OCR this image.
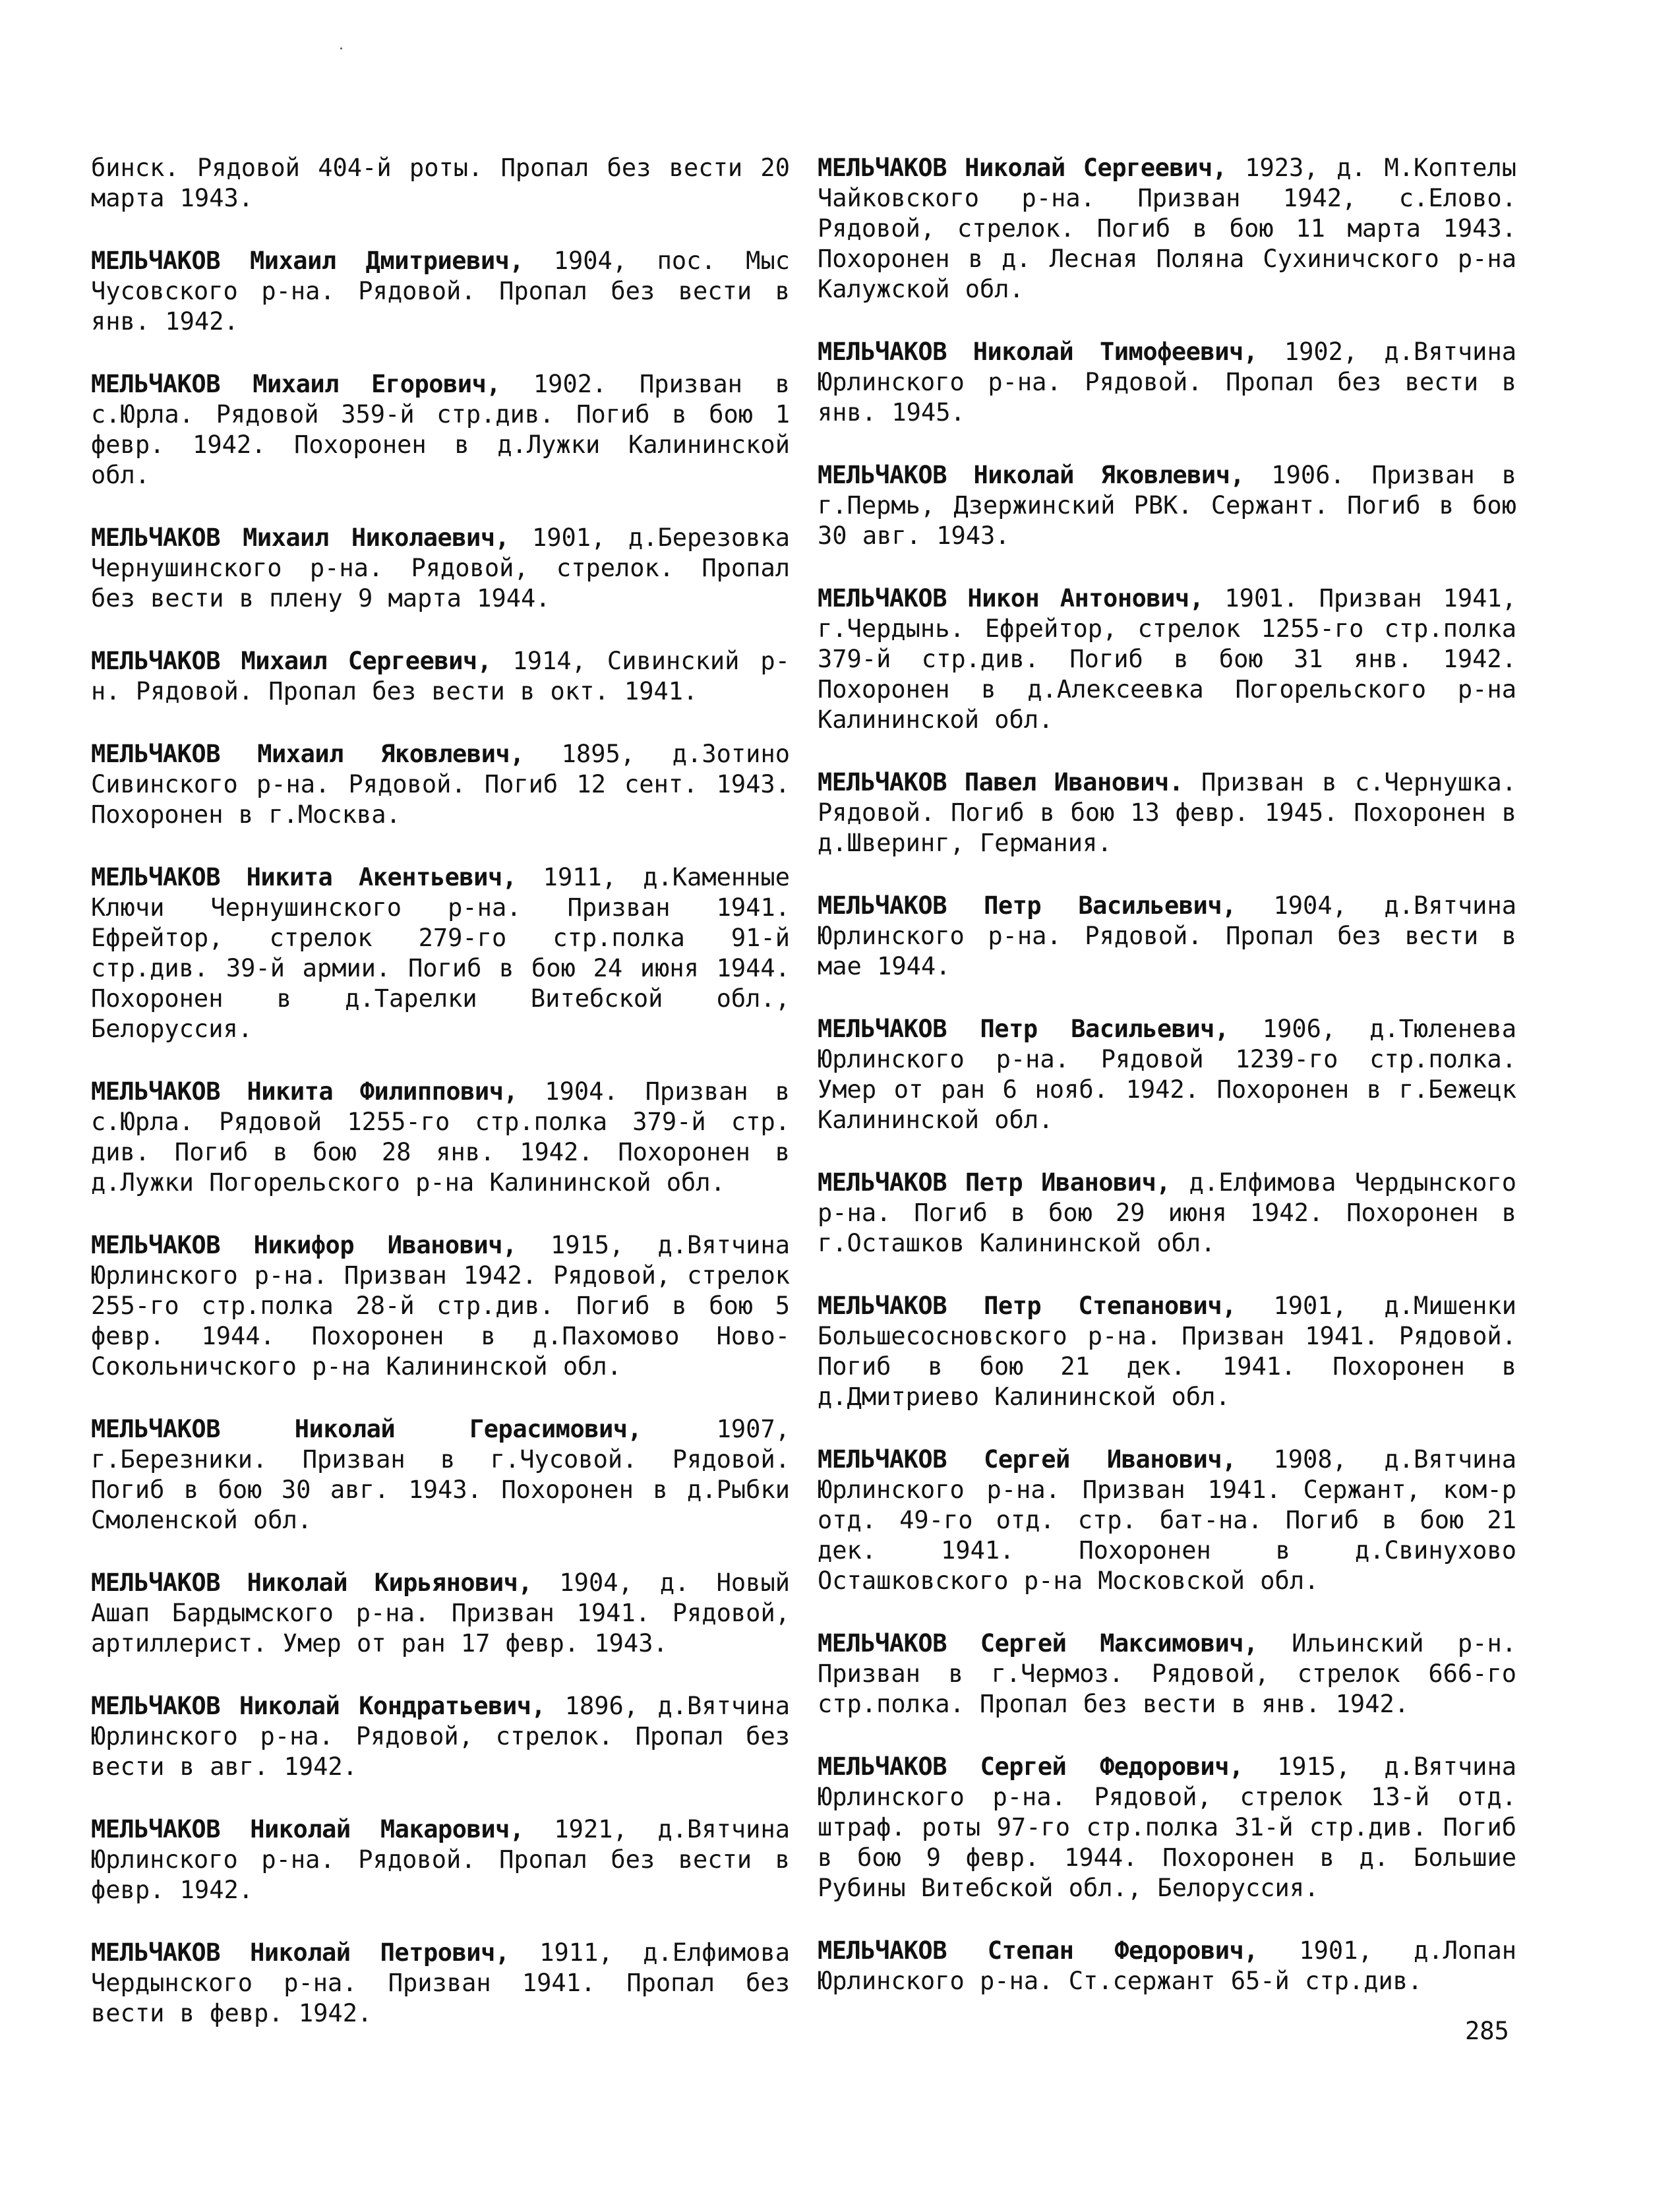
бинск. Рядовой 404-й роты. Пропал без вести 20 марта 1943.

МЕЛЬЧАКОВ Михаил Дмитриевич, 1904, пос. Мыс Чусовского р-на. Рядовой. Пропал без вести в янв. 1942.

МЕЛЬЧАКОВ Михаил Егорович, 1902. Призван в с.Юрла. Рядовой 359-й стр.див. Погиб в бою 1 февр. 1942. Похоронен в д.Лужки Калининской обл.

МЕЛЬЧАКОВ Михаил Николаевич, 1901, д.Березовка Чернушинского р-на. Рядовой, стрелок. Пропал без вести в плену 9 марта 1944.

МЕЛЬЧАКОВ Михаил Сергеевич, 1914, Сивинский р-н. Рядовой. Пропал без вести в окт. 1941.

МЕЛЬЧАКОВ Михаил Яковлевич, 1895, д.Зотино Сивинского р-на. Рядовой. Погиб 12 сент. 1943. Похоронен в г.Москва.

МЕЛЬЧАКОВ Никита Акентьевич, 1911, д.Каменные Ключи Чернушинского р-на. Призван 1941. Ефрейтор, стрелок 279-го стр.полка 91-й стр.див. 39-й армии. Погиб в бою 24 июня 1944. Похоронен в д.Тарелки Витебской обл., Белоруссия.

МЕЛЬЧАКОВ Никита Филиппович, 1904. Призван в с.Юрла. Рядовой 1255-го стр.полка 379-й стр. див. Погиб в бою 28 янв. 1942. Похоронен в д.Лужки Погорельского р-на Калининской обл.

МЕЛЬЧАКОВ Никифор Иванович, 1915, д.Вятчина Юрлинского р-на. Призван 1942. Рядовой, стрелок 255-го стр.полка 28-й стр.див. Погиб в бою 5 февр. 1944. Похоронен в д.Пахомово Ново-Сокольничского р-на Калининской обл.

МЕЛЬЧАКОВ Николай Герасимович, 1907, г.Березники. Призван в г.Чусовой. Рядовой. Погиб в бою 30 авг. 1943. Похоронен в д.Рыбки Смоленской обл.

МЕЛЬЧАКОВ Николай Кирьянович, 1904, д. Новый Ашап Бардымского р-на. Призван 1941. Рядовой, артиллерист. Умер от ран 17 февр. 1943.

МЕЛЬЧАКОВ Николай Кондратьевич, 1896, д.Вятчина Юрлинского р-на. Рядовой, стрелок. Пропал без вести в авг. 1942.

МЕЛЬЧАКОВ Николай Макарович, 1921, д.Вятчина Юрлинского р-на. Рядовой. Пропал без вести в февр. 1942.

МЕЛЬЧАКОВ Николай Петрович, 1911, д.Елфимова Чердынского р-на. Призван 1941. Пропал без вести в февр. 1942.

МЕЛЬЧАКОВ Николай Сергеевич, 1923, д. М.Коптелы Чайковского р-на. Призван 1942, с.Елово. Рядовой, стрелок. Погиб в бою 11 марта 1943. Похоронен в д. Лесная Поляна Сухиничского р-на Калужской обл.

МЕЛЬЧАКОВ Николай Тимофеевич, 1902, д.Вятчина Юрлинского р-на. Рядовой. Пропал без вести в янв. 1945.

МЕЛЬЧАКОВ Николай Яковлевич, 1906. Призван в г.Пермь, Дзержинский РВК. Сержант. Погиб в бою 30 авг. 1943.

МЕЛЬЧАКОВ Никон Антонович, 1901. Призван 1941, г.Чердынь. Ефрейтор, стрелок 1255-го стр.полка 379-й стр.див. Погиб в бою 31 янв. 1942. Похоронен в д.Алексеевка Погорельского р-на Калининской обл.

МЕЛЬЧАКОВ Павел Иванович. Призван в с.Чернушка. Рядовой. Погиб в бою 13 февр. 1945. Похоронен в д.Шверинг, Германия.

МЕЛЬЧАКОВ Петр Васильевич, 1904, д.Вятчина Юрлинского р-на. Рядовой. Пропал без вести в мае 1944.

МЕЛЬЧАКОВ Петр Васильевич, 1906, д.Тюленева Юрлинского р-на. Рядовой 1239-го стр.полка. Умер от ран 6 нояб. 1942. Похоронен в г.Бежецк Калининской обл.

МЕЛЬЧАКОВ Петр Иванович, д.Елфимова Чердынского р-на. Погиб в бою 29 июня 1942. Похоронен в г.Осташков Калининской обл.

МЕЛЬЧАКОВ Петр Степанович, 1901, д.Мишенки Большесосновского р-на. Призван 1941. Рядовой. Погиб в бою 21 дек. 1941. Похоронен в д.Дмитриево Калининской обл.

МЕЛЬЧАКОВ Сергей Иванович, 1908, д.Вятчина Юрлинского р-на. Призван 1941. Сержант, ком-р отд. 49-го отд. стр. бат-на. Погиб в бою 21 дек. 1941. Похоронен в д.Свинухово Осташковского р-на Московской обл.

МЕЛЬЧАКОВ Сергей Максимович, Ильинский р-н. Призван в г.Чермоз. Рядовой, стрелок 666-го стр.полка. Пропал без вести в янв. 1942.

МЕЛЬЧАКОВ Сергей Федорович, 1915, д.Вятчина Юрлинского р-на. Рядовой, стрелок 13-й отд. штраф. роты 97-го стр.полка 31-й стр.див. Погиб в бою 9 февр. 1944. Похоронен в д. Большие Рубины Витебской обл., Белоруссия.

МЕЛЬЧАКОВ Степан Федорович, 1901, д.Лопан Юрлинского р-на. Ст.сержант 65-й стр.див.

285
